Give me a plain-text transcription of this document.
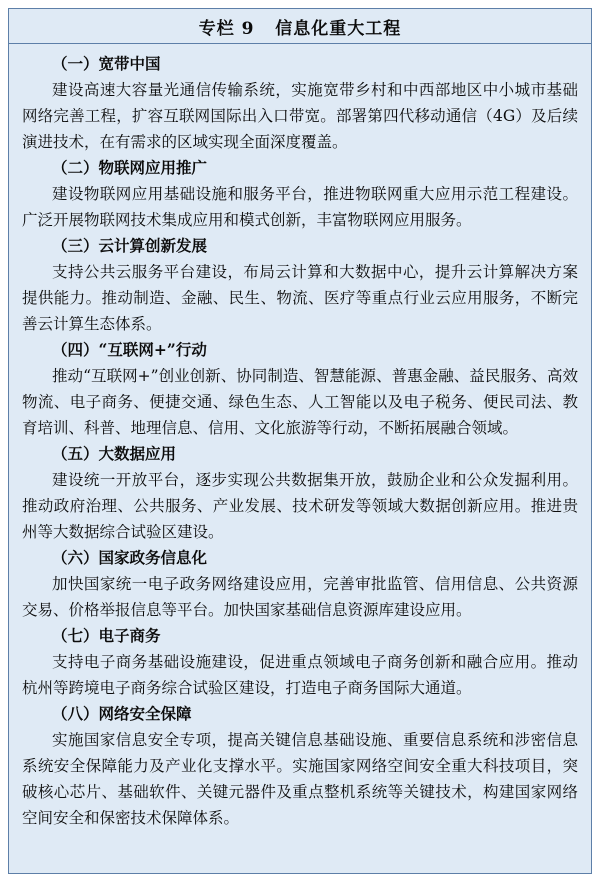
专栏 9   信息化重大工程
（一）宽带中国
建设高速大容量光通信传输系统，实施宽带乡村和中西部地区中小城市基础网络完善工程，扩容互联网国际出入口带宽。部署第四代移动通信（4G）及后续演进技术，在有需求的区域实现全面深度覆盖。
（二）物联网应用推广
建设物联网应用基础设施和服务平台，推进物联网重大应用示范工程建设。广泛开展物联网技术集成应用和模式创新，丰富物联网应用服务。
（三）云计算创新发展
支持公共云服务平台建设，布局云计算和大数据中心，提升云计算解决方案提供能力。推动制造、金融、民生、物流、医疗等重点行业云应用服务，不断完善云计算生态体系。
（四）“互联网+”行动
推动“互联网+”创业创新、协同制造、智慧能源、普惠金融、益民服务、高效物流、电子商务、便捷交通、绿色生态、人工智能以及电子税务、便民司法、教育培训、科普、地理信息、信用、文化旅游等行动，不断拓展融合领域。
（五）大数据应用
建设统一开放平台，逐步实现公共数据集开放，鼓励企业和公众发掘利用。推动政府治理、公共服务、产业发展、技术研发等领域大数据创新应用。推进贵州等大数据综合试验区建设。
（六）国家政务信息化
加快国家统一电子政务网络建设应用，完善审批监管、信用信息、公共资源交易、价格举报信息等平台。加快国家基础信息资源库建设应用。
（七）电子商务
支持电子商务基础设施建设，促进重点领域电子商务创新和融合应用。推动杭州等跨境电子商务综合试验区建设，打造电子商务国际大通道。
（八）网络安全保障
实施国家信息安全专项，提高关键信息基础设施、重要信息系统和涉密信息系统安全保障能力及产业化支撑水平。实施国家网络空间安全重大科技项目，突破核心芯片、基础软件、关键元器件及重点整机系统等关键技术，构建国家网络空间安全和保密技术保障体系。
